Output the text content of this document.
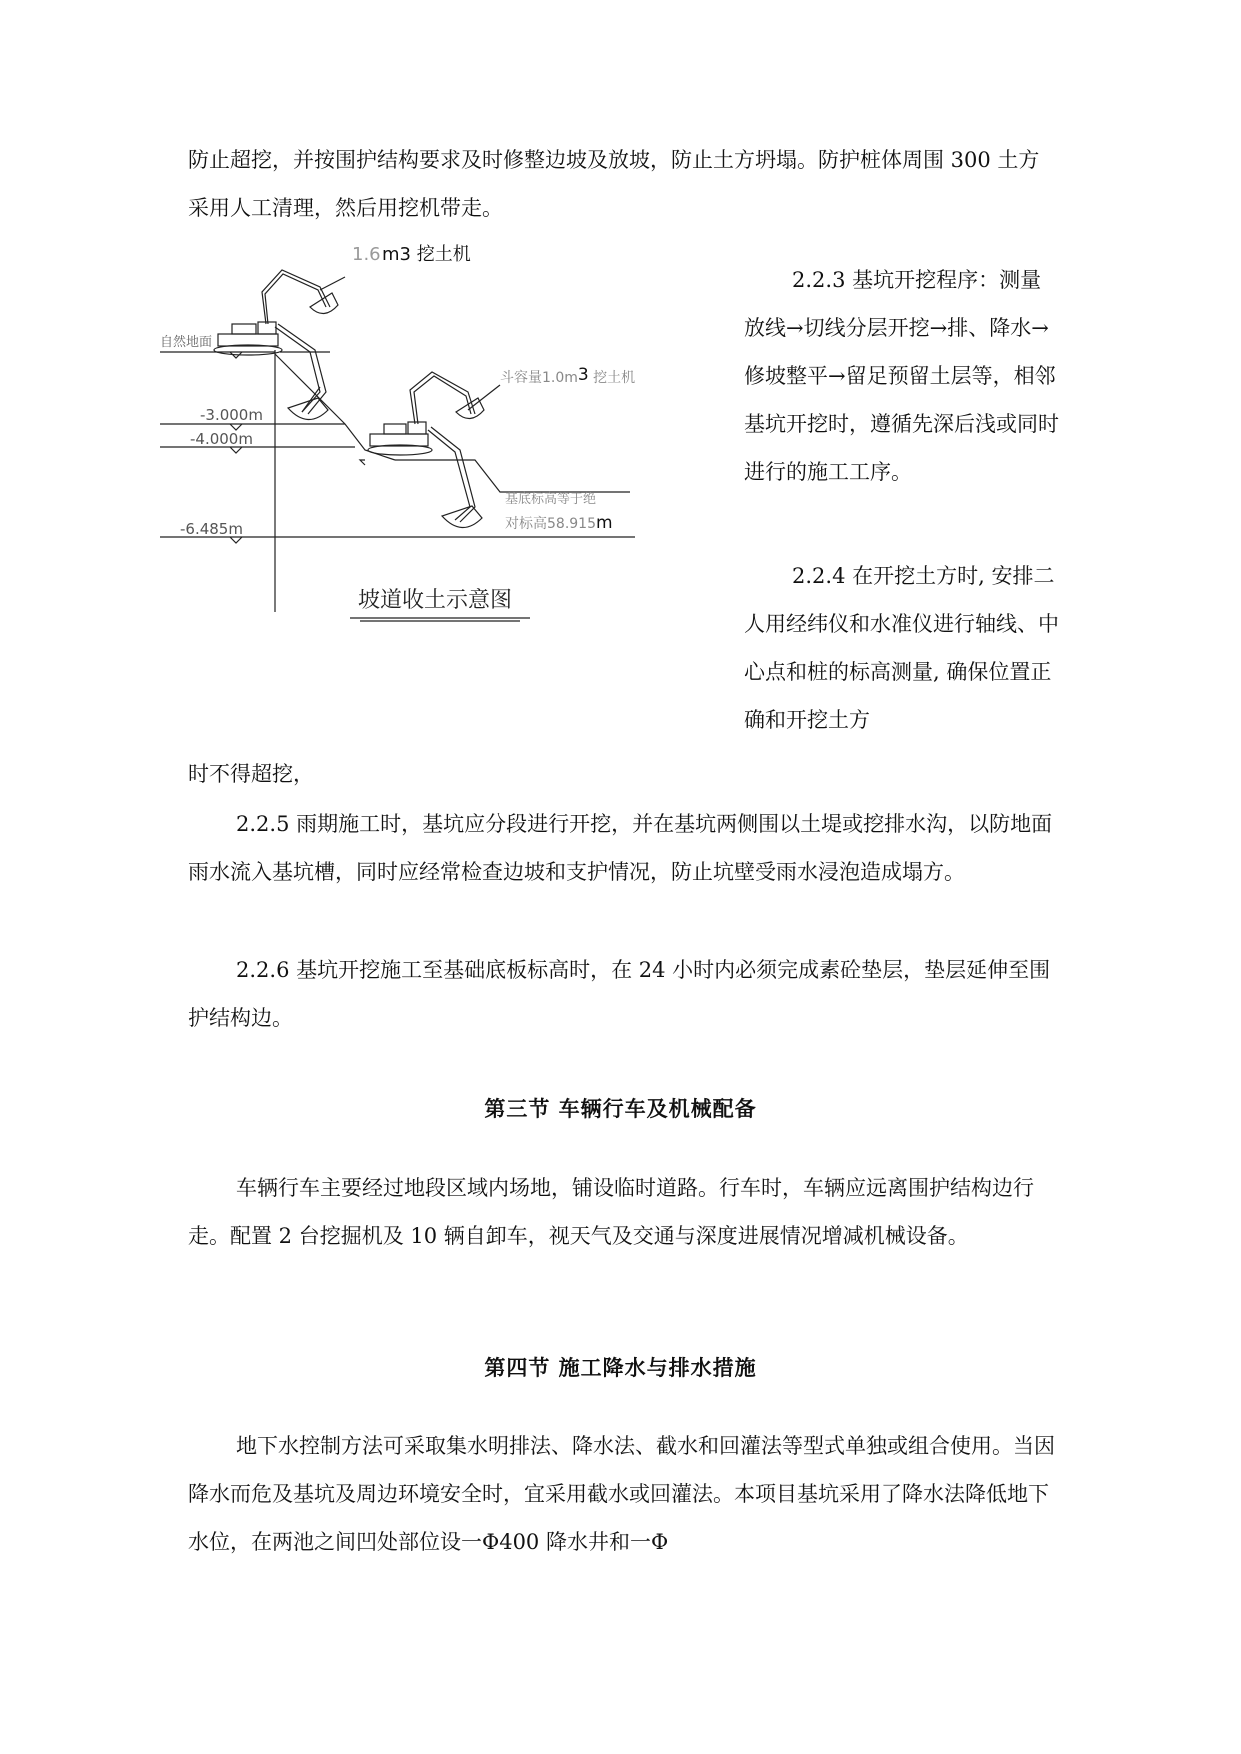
防止超挖，并按围护结构要求及时修整边坡及放坡，防止土方坍塌。防护桩体周围 300 土方采用人工清理，然后用挖机带走。

1.6 m3 挖土机
自然地面
-3.000m
-4.000m
-6.485m
斗容量1.0m3 挖土机
基底标高等于绝
对标高58.915m
坡道收土示意图

2.2.3 基坑开挖程序：测量放线→切线分层开挖→排、降水→修坡整平→留足预留土层等，相邻基坑开挖时，遵循先深后浅或同时进行的施工工序。

2.2.4 在开挖土方时, 安排二人用经纬仪和水准仪进行轴线、中心点和桩的标高测量, 确保位置正确和开挖土方

时不得超挖，

2.2.5 雨期施工时，基坑应分段进行开挖，并在基坑两侧围以土堤或挖排水沟，以防地面雨水流入基坑槽，同时应经常检查边坡和支护情况，防止坑壁受雨水浸泡造成塌方。

2.2.6 基坑开挖施工至基础底板标高时，在 24 小时内必须完成素砼垫层，垫层延伸至围护结构边。

第三节 车辆行车及机械配备

车辆行车主要经过地段区域内场地，铺设临时道路。行车时，车辆应远离围护结构边行走。配置 2 台挖掘机及 10 辆自卸车，视天气及交通与深度进展情况增减机械设备。

第四节 施工降水与排水措施

地下水控制方法可采取集水明排法、降水法、截水和回灌法等型式单独或组合使用。当因降水而危及基坑及周边环境安全时，宜采用截水或回灌法。本项目基坑采用了降水法降低地下水位，在两池之间凹处部位设一Φ400 降水井和一Φ
